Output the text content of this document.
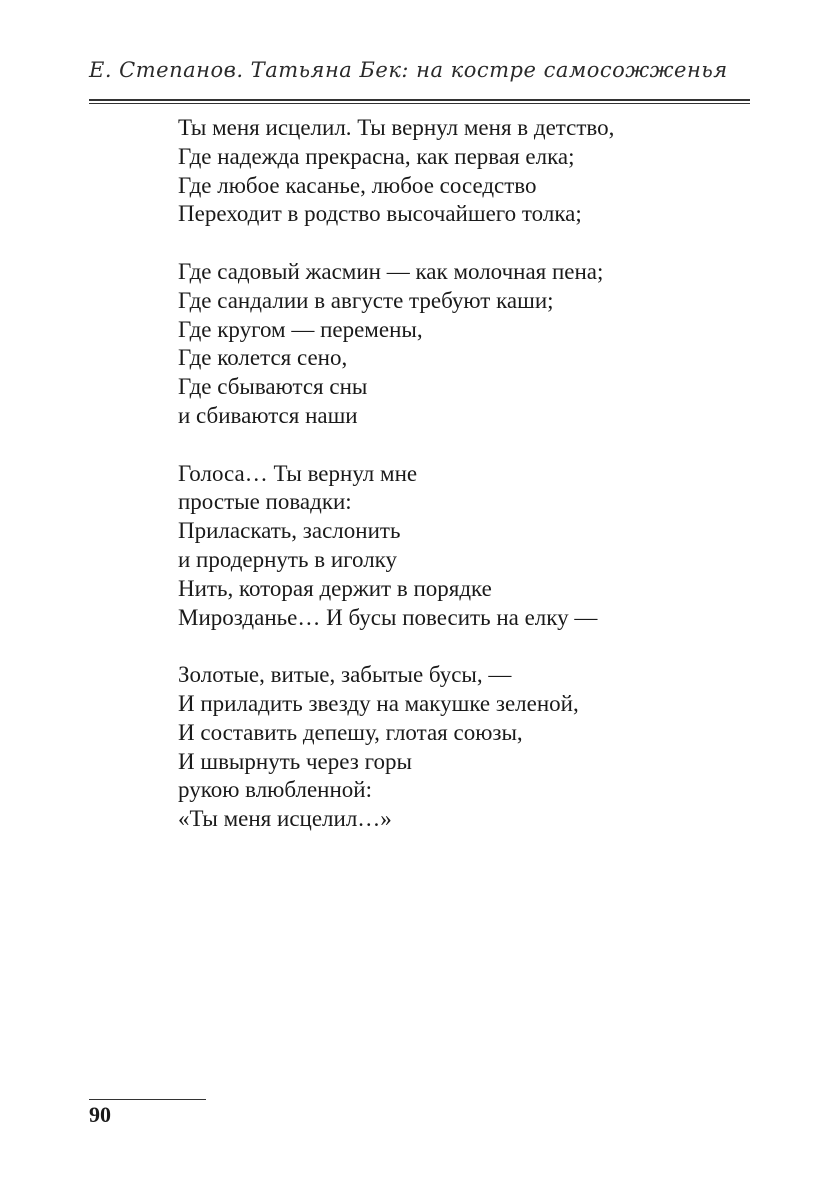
Е. Степанов. Татьяна Бек: на костре самосожженья
Ты меня исцелил. Ты вернул меня в детство,
Где надежда прекрасна, как первая елка;
Где любое касанье, любое соседство
Переходит в родство высочайшего толка;
Где садовый жасмин — как молочная пена;
Где сандалии в августе требуют каши;
Где кругом — перемены,
Где колется сено,
Где сбываются сны
и сбиваются наши
Голоса… Ты вернул мне
простые повадки:
Приласкать, заслонить
и продернуть в иголку
Нить, которая держит в порядке
Мирозданье… И бусы повесить на елку —
Золотые, витые, забытые бусы, —
И приладить звезду на макушке зеленой,
И составить депешу, глотая союзы,
И швырнуть через горы
рукою влюбленной:
«Ты меня исцелил…»
90
